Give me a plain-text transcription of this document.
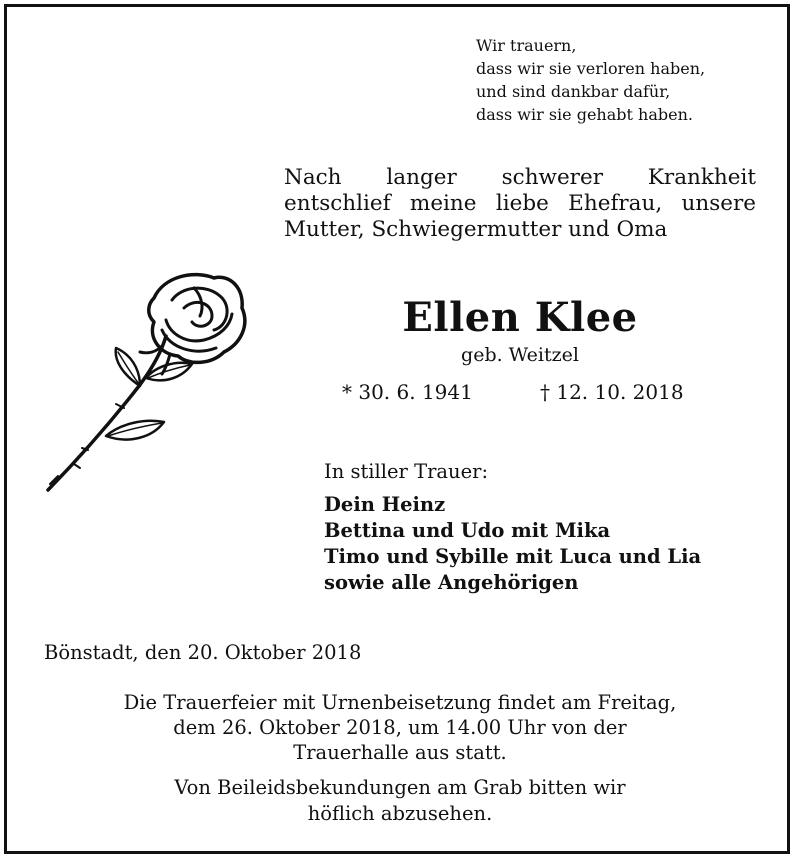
Wir trauern,
dass wir sie verloren haben,
und sind dankbar dafür,
dass wir sie gehabt haben.
Nach langer schwerer Krankheit
entschlief meine liebe Ehefrau, unsere
Mutter, Schwiegermutter und Oma
Ellen Klee
geb. Weitzel
* 30. 6. 1941	† 12. 10. 2018
In stiller Trauer:
Dein Heinz
Bettina und Udo mit Mika
Timo und Sybille mit Luca und Lia
sowie alle Angehörigen
Bönstadt, den 20. Oktober 2018
Die Trauerfeier mit Urnenbeisetzung findet am Freitag,
dem 26. Oktober 2018, um 14.00 Uhr von der
Trauerhalle aus statt.
Von Beileidsbekundungen am Grab bitten wir
höflich abzusehen.
